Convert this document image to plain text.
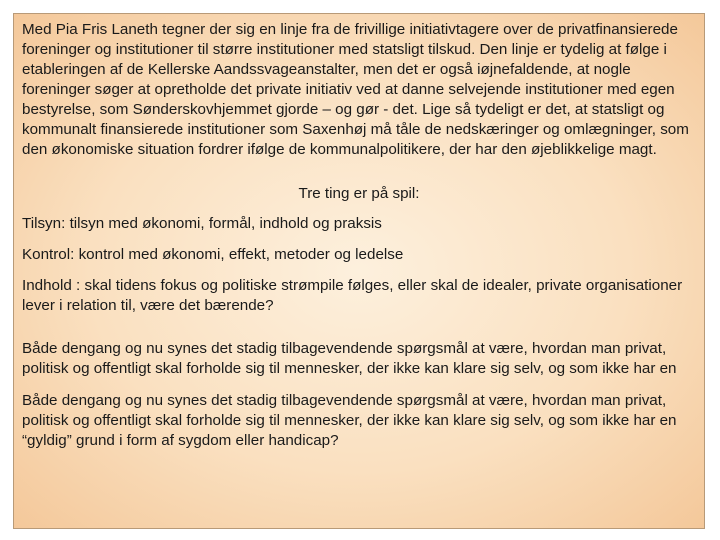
Med Pia Fris Laneth tegner der sig en linje fra de frivillige initiativtagere over de privatfinansierede foreninger og institutioner til større institutioner med statsligt tilskud. Den linje er tydelig at følge i etableringen af de Kellerske Aandssvageanstalter, men det er også iøjnefaldende, at nogle foreninger søger at opretholde det private initiativ ved at danne selvejende institutioner med egen bestyrelse, som Sønderskovhjemmet gjorde – og gør - det. Lige så tydeligt er det, at statsligt og kommunalt finansierede institutioner som Saxenhøj må tåle de nedskæringer og omlægninger, som den økonomiske situation fordrer ifølge de kommunalpolitikere, der har den øjeblikkelige magt.

Tre ting er på spil:

Tilsyn: tilsyn med økonomi, formål, indhold og praksis

Kontrol: kontrol med økonomi, effekt, metoder og ledelse

Indhold : skal tidens fokus og politiske strømpile følges, eller skal de idealer, private organisationer lever i relation til, være det bærende?

Både dengang og nu synes det stadig tilbagevendende spørgsmål at være, hvordan man privat, politisk og offentligt skal forholde sig til mennesker, der ikke kan klare sig selv, og som ikke har en

Både dengang og nu synes det stadig tilbagevendende spørgsmål at være, hvordan man privat, politisk og offentligt skal forholde sig til mennesker, der ikke kan klare sig selv, og som ikke har en “gyldig” grund i form af sygdom eller handicap?
